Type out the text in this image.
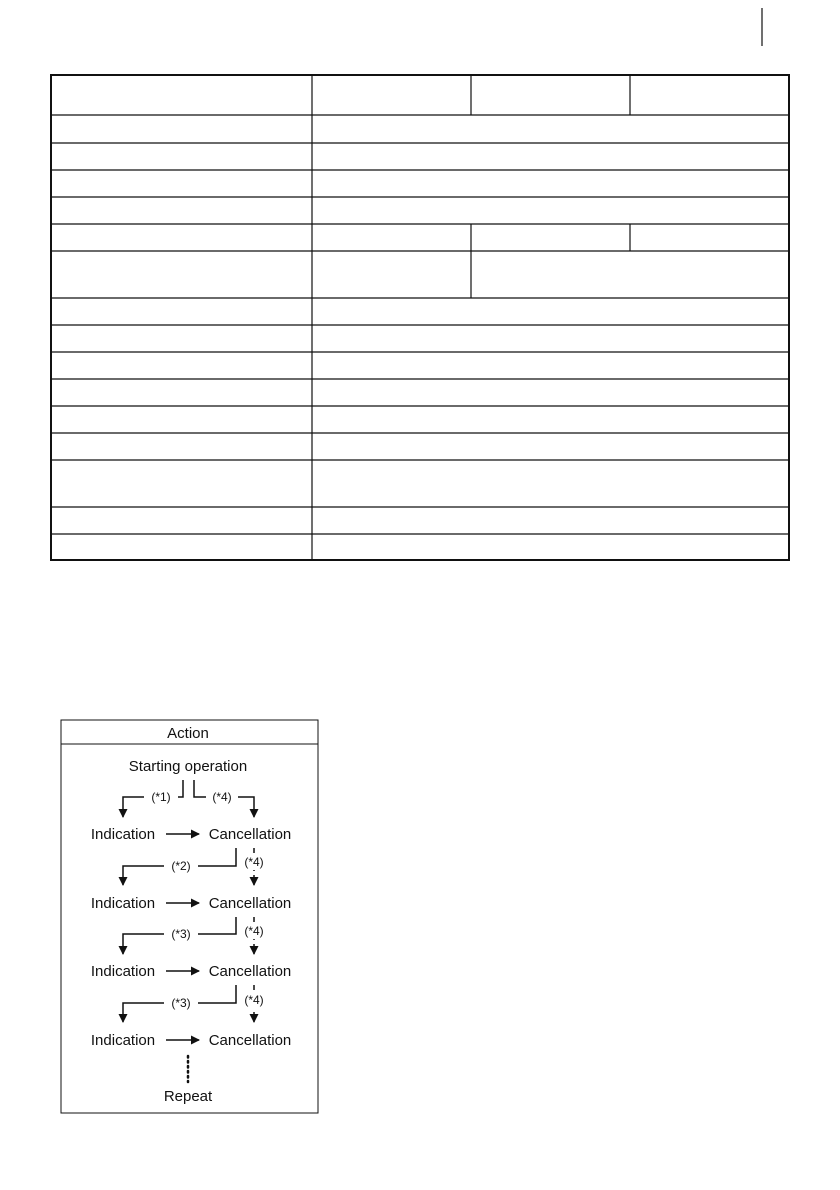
Action
Starting operation
(*1)	(*4)
Indication	Cancellation
(*2)	(*4)
Indication	Cancellation
(*3)	(*4)
Indication	Cancellation
(*3)	(*4)
Indication	Cancellation
Repeat
